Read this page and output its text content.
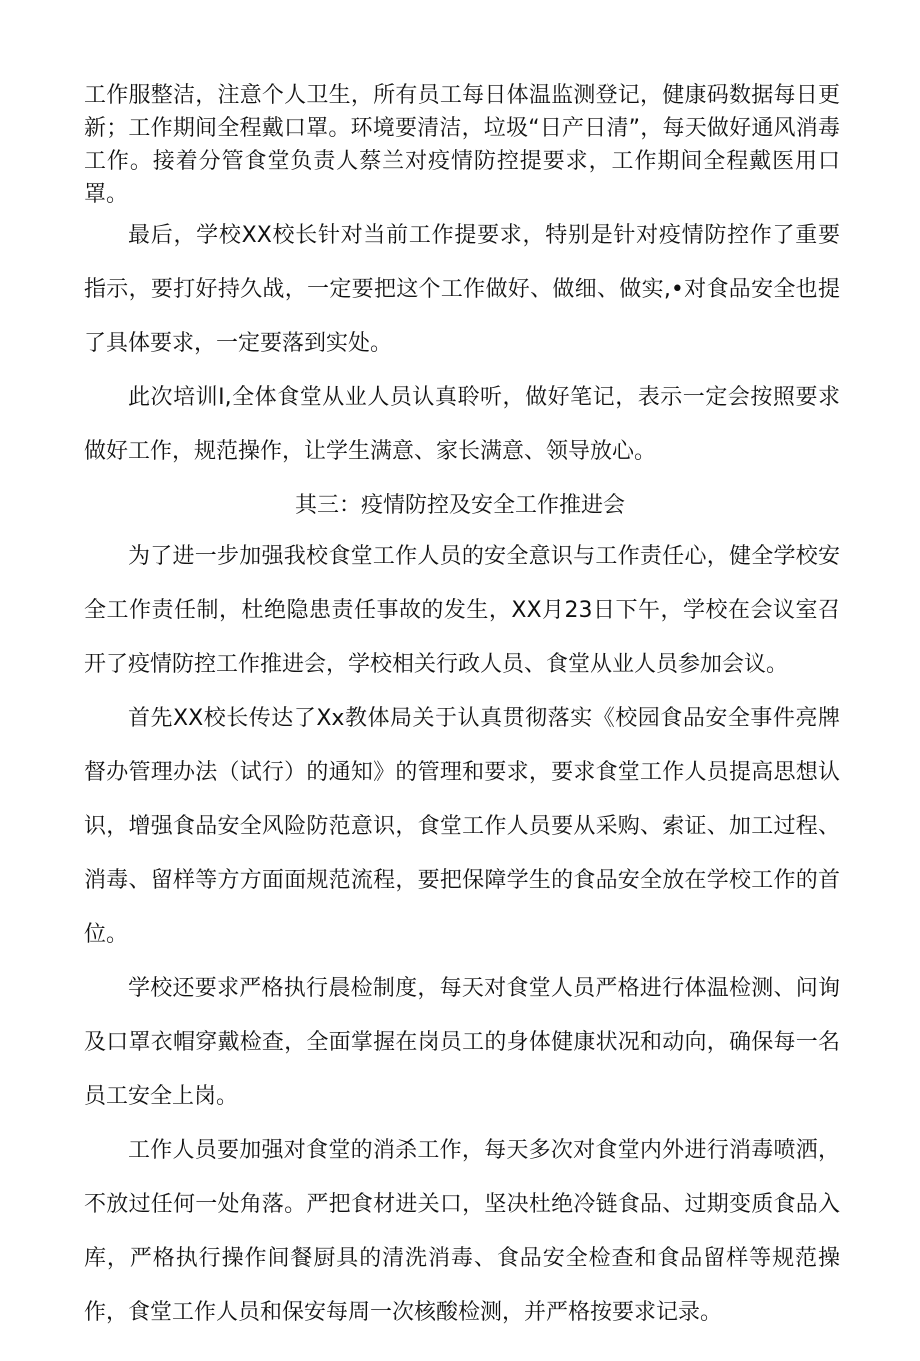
工作服整洁，注意个人卫生，所有员工每日体温监测登记，健康码数据每日更新；工作期间全程戴口罩。环境要清洁，垃圾“日产日清”，每天做好通风消毒工作。接着分管食堂负责人蔡兰对疫情防控提要求，工作期间全程戴医用口罩。

最后，学校XX校长针对当前工作提要求，特别是针对疫情防控作了重要指示，要打好持久战，一定要把这个工作做好、做细、做实,•对食品安全也提了具体要求，一定要落到实处。

此次培训I,全体食堂从业人员认真聆听，做好笔记，表示一定会按照要求做好工作，规范操作，让学生满意、家长满意、领导放心。

其三：疫情防控及安全工作推进会

为了进一步加强我校食堂工作人员的安全意识与工作责任心，健全学校安全工作责任制，杜绝隐患责任事故的发生，XX月23日下午，学校在会议室召开了疫情防控工作推进会，学校相关行政人员、食堂从业人员参加会议。

首先XX校长传达了Xx教体局关于认真贯彻落实《校园食品安全事件亮牌督办管理办法（试行）的通知》的管理和要求，要求食堂工作人员提高思想认识，增强食品安全风险防范意识，食堂工作人员要从采购、索证、加工过程、消毒、留样等方方面面规范流程，要把保障学生的食品安全放在学校工作的首位。

学校还要求严格执行晨检制度，每天对食堂人员严格进行体温检测、问询及口罩衣帽穿戴检查，全面掌握在岗员工的身体健康状况和动向，确保每一名员工安全上岗。

工作人员要加强对食堂的消杀工作，每天多次对食堂内外进行消毒喷洒，不放过任何一处角落。严把食材进关口，坚决杜绝冷链食品、过期变质食品入库，严格执行操作间餐厨具的清洗消毒、食品安全检查和食品留样等规范操作，食堂工作人员和保安每周一次核酸检测，并严格按要求记录。
